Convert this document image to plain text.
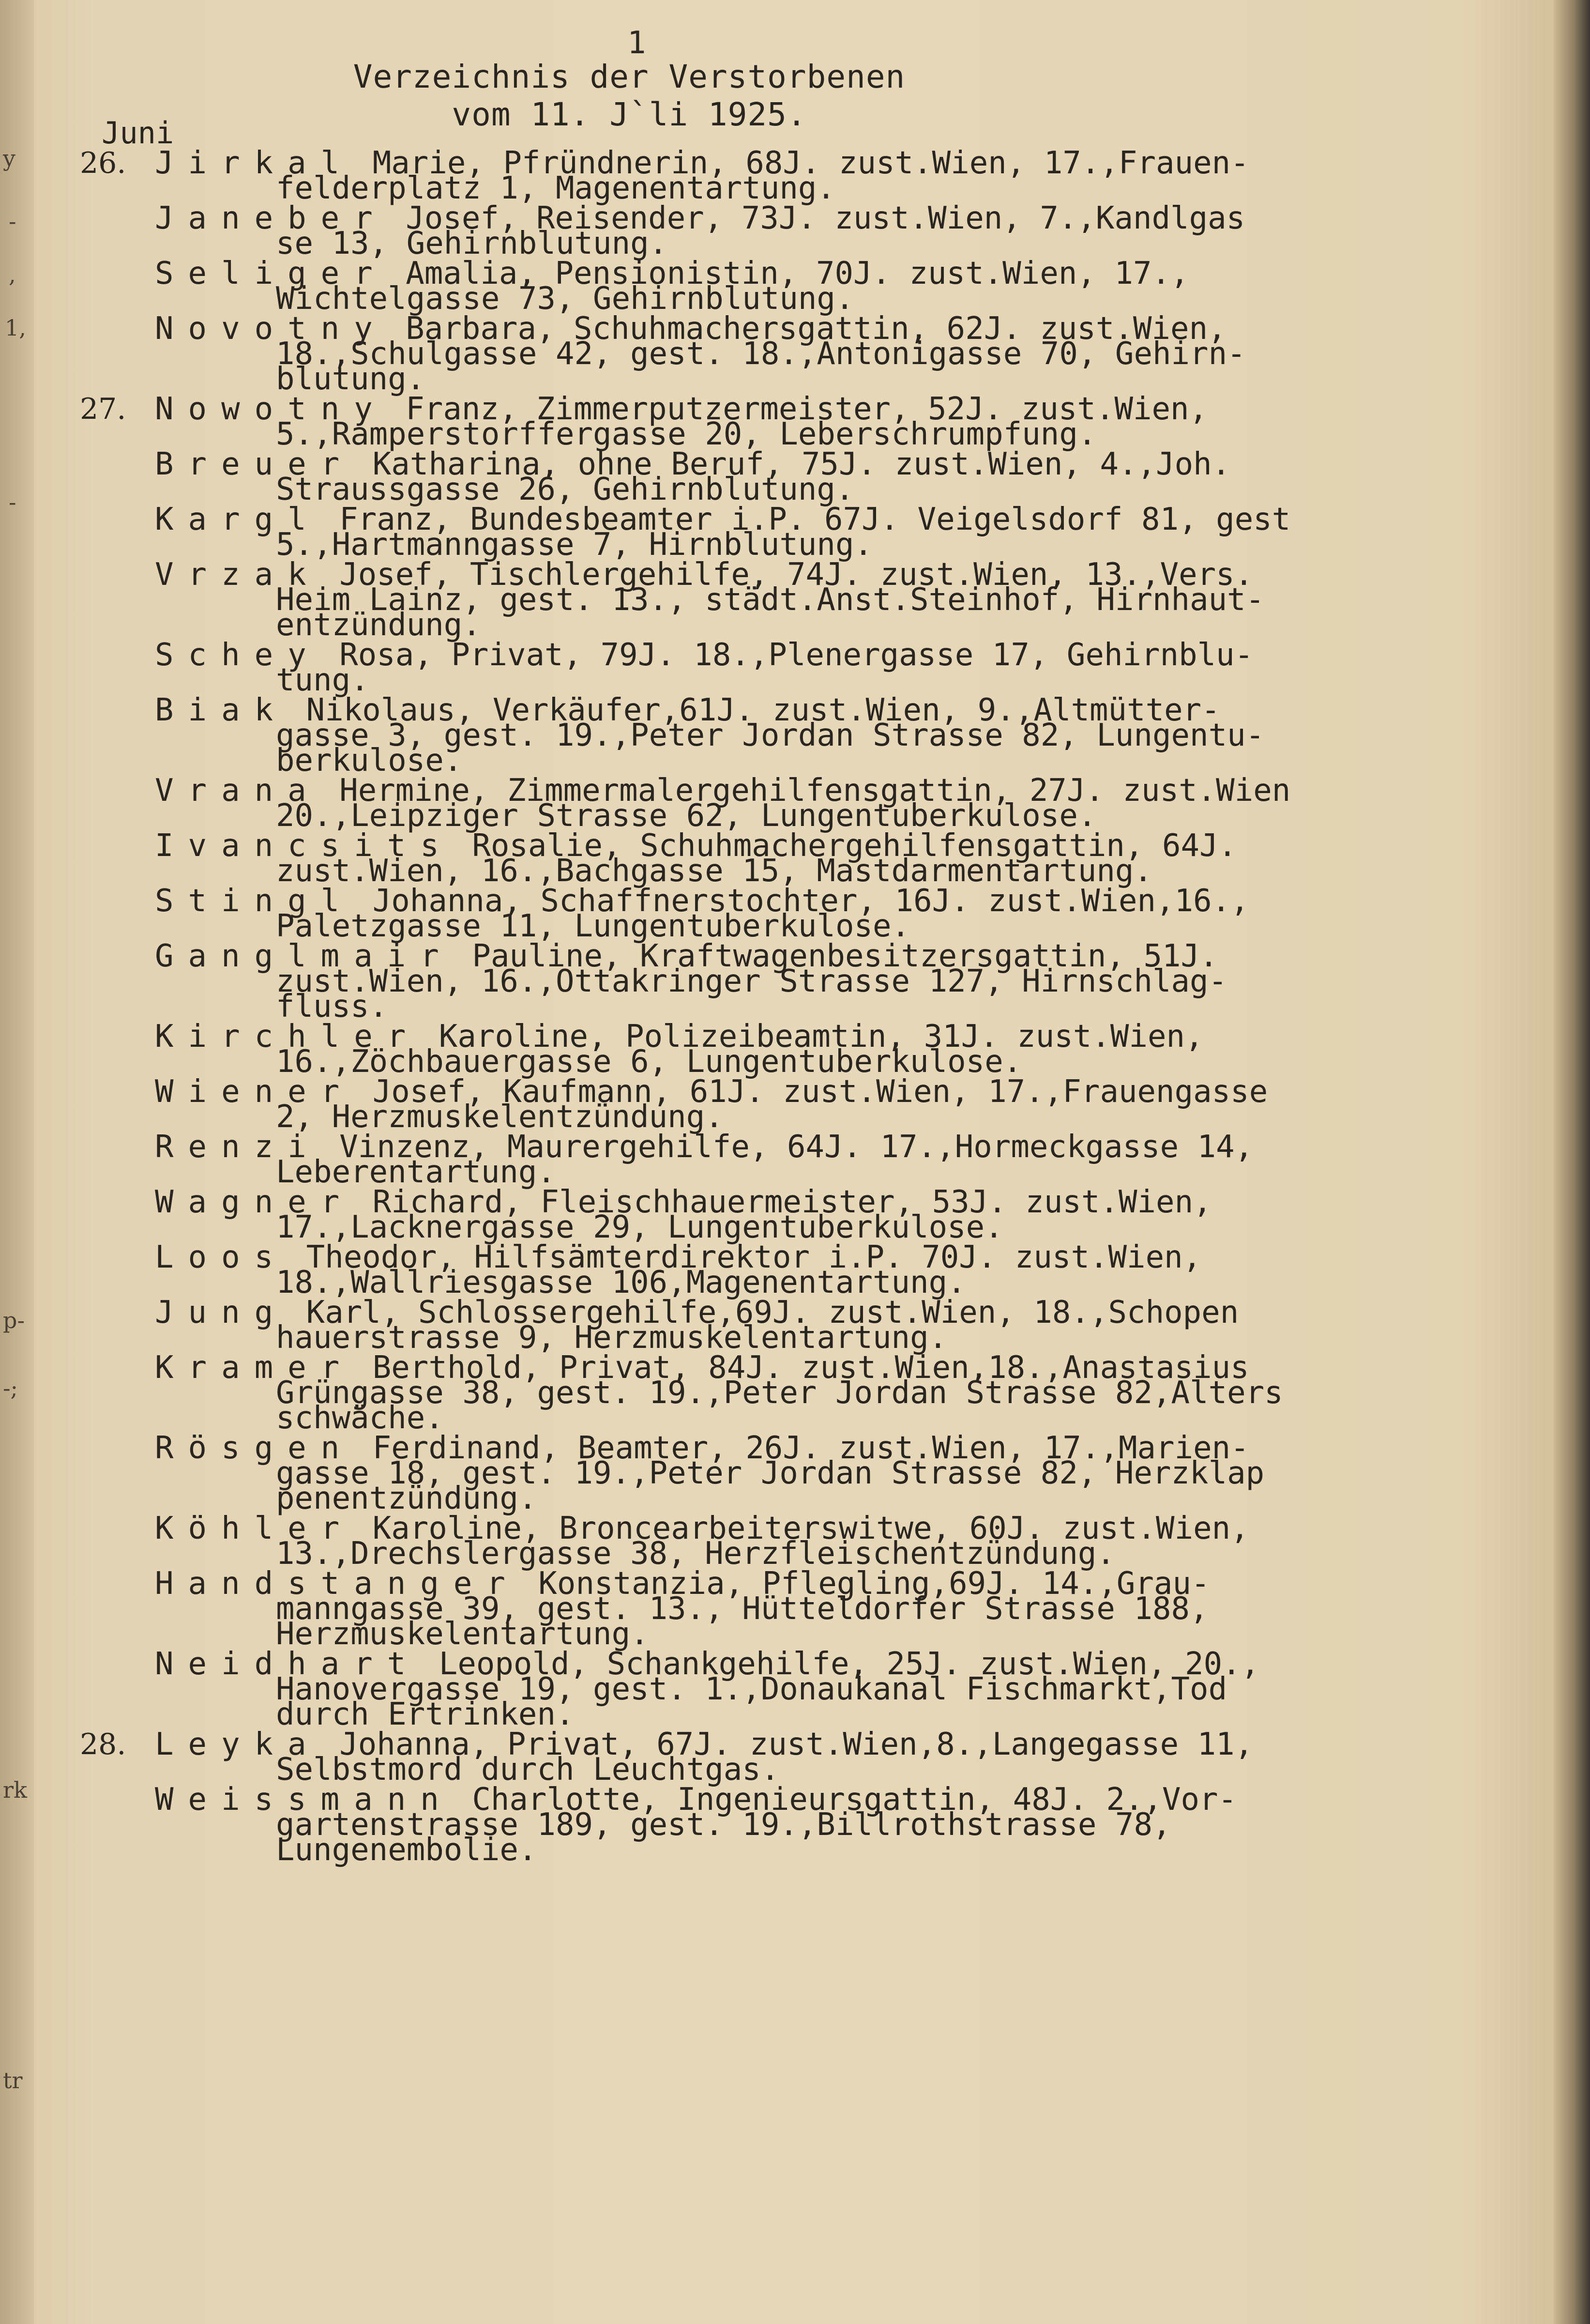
y
-
,
1,
-
p-
-;
rk
tr
1
Verzeichnis der Verstorbenen
vom 11. J`li 1925.
Juni
26. Jirkal Marie, Pfründnerin, 68J. zust.Wien, 17.,Frauen-
felderplatz 1, Magenentartung.
Janeber Josef, Reisender, 73J. zust.Wien, 7.,Kandlgas
se 13, Gehirnblutung.
Seliger Amalia, Pensionistin, 70J. zust.Wien, 17.,
Wichtelgasse 73, Gehirnblutung.
Novotny Barbara, Schuhmachersgattin, 62J. zust.Wien,
18.,Schulgasse 42, gest. 18.,Antonigasse 70, Gehirn-
blutung.
27. Nowotny Franz, Zimmerputzermeister, 52J. zust.Wien,
5.,Ramperstorffergasse 20, Leberschrumpfung.
Breuer Katharina, ohne Beruf, 75J. zust.Wien, 4.,Joh.
Straussgasse 26, Gehirnblutung.
Kargl Franz, Bundesbeamter i.P. 67J. Veigelsdorf 81, gest
5.,Hartmanngasse 7, Hirnblutung.
Vrzak Josef, Tischlergehilfe, 74J. zust.Wien, 13.,Vers.
Heim Lainz, gest. 13., städt.Anst.Steinhof, Hirnhaut-
entzündung.
Schey Rosa, Privat, 79J. 18.,Plenergasse 17, Gehirnblu-
tung.
Biak Nikolaus, Verkäufer,61J. zust.Wien, 9.,Altmütter-
gasse 3, gest. 19.,Peter Jordan Strasse 82, Lungentu-
berkulose.
Vrana Hermine, Zimmermalergehilfensgattin, 27J. zust.Wien
20.,Leipziger Strasse 62, Lungentuberkulose.
Ivancsits Rosalie, Schuhmachergehilfensgattin, 64J.
zust.Wien, 16.,Bachgasse 15, Mastdarmentartung.
Stingl Johanna, Schaffnerstochter, 16J. zust.Wien,16.,
Paletzgasse 11, Lungentuberkulose.
Ganglmair Pauline, Kraftwagenbesitzersgattin, 51J.
zust.Wien, 16.,Ottakringer Strasse 127, Hirnschlag-
fluss.
Kirchler Karoline, Polizeibeamtin, 31J. zust.Wien,
16.,Zöchbauergasse 6, Lungentuberkulose.
Wiener Josef, Kaufmann, 61J. zust.Wien, 17.,Frauengasse
2, Herzmuskelentzündung.
Renzi Vinzenz, Maurergehilfe, 64J. 17.,Hormeckgasse 14,
Leberentartung.
Wagner Richard, Fleischhauermeister, 53J. zust.Wien,
17.,Lacknergasse 29, Lungentuberkulose.
Loos Theodor, Hilfsämterdirektor i.P. 70J. zust.Wien,
18.,Wallriesgasse 106,Magenentartung.
Jung Karl, Schlossergehilfe,69J. zust.Wien, 18.,Schopen
hauerstrasse 9, Herzmuskelentartung.
Kramer Berthold, Privat, 84J. zust.Wien,18.,Anastasius
Grüngasse 38, gest. 19.,Peter Jordan Strasse 82,Alters
schwäche.
Rösgen Ferdinand, Beamter, 26J. zust.Wien, 17.,Marien-
gasse 18, gest. 19.,Peter Jordan Strasse 82, Herzklap
penentzündung.
Köhler Karoline, Broncearbeiterswitwe, 60J. zust.Wien,
13.,Drechslergasse 38, Herzfleischentzündung.
Handstanger Konstanzia, Pflegling,69J. 14.,Grau-
manngasse 39, gest. 13., Hütteldorfer Strasse 188,
Herzmuskelentartung.
Neidhart Leopold, Schankgehilfe, 25J. zust.Wien, 20.,
Hanovergasse 19, gest. 1.,Donaukanal Fischmarkt,Tod
durch Ertrinken.
28. Leyka Johanna, Privat, 67J. zust.Wien,8.,Langegasse 11,
Selbstmord durch Leuchtgas.
Weissmann Charlotte, Ingenieursgattin, 48J. 2.,Vor-
gartenstrasse 189, gest. 19.,Billrothstrasse 78,
Lungenembolie.
